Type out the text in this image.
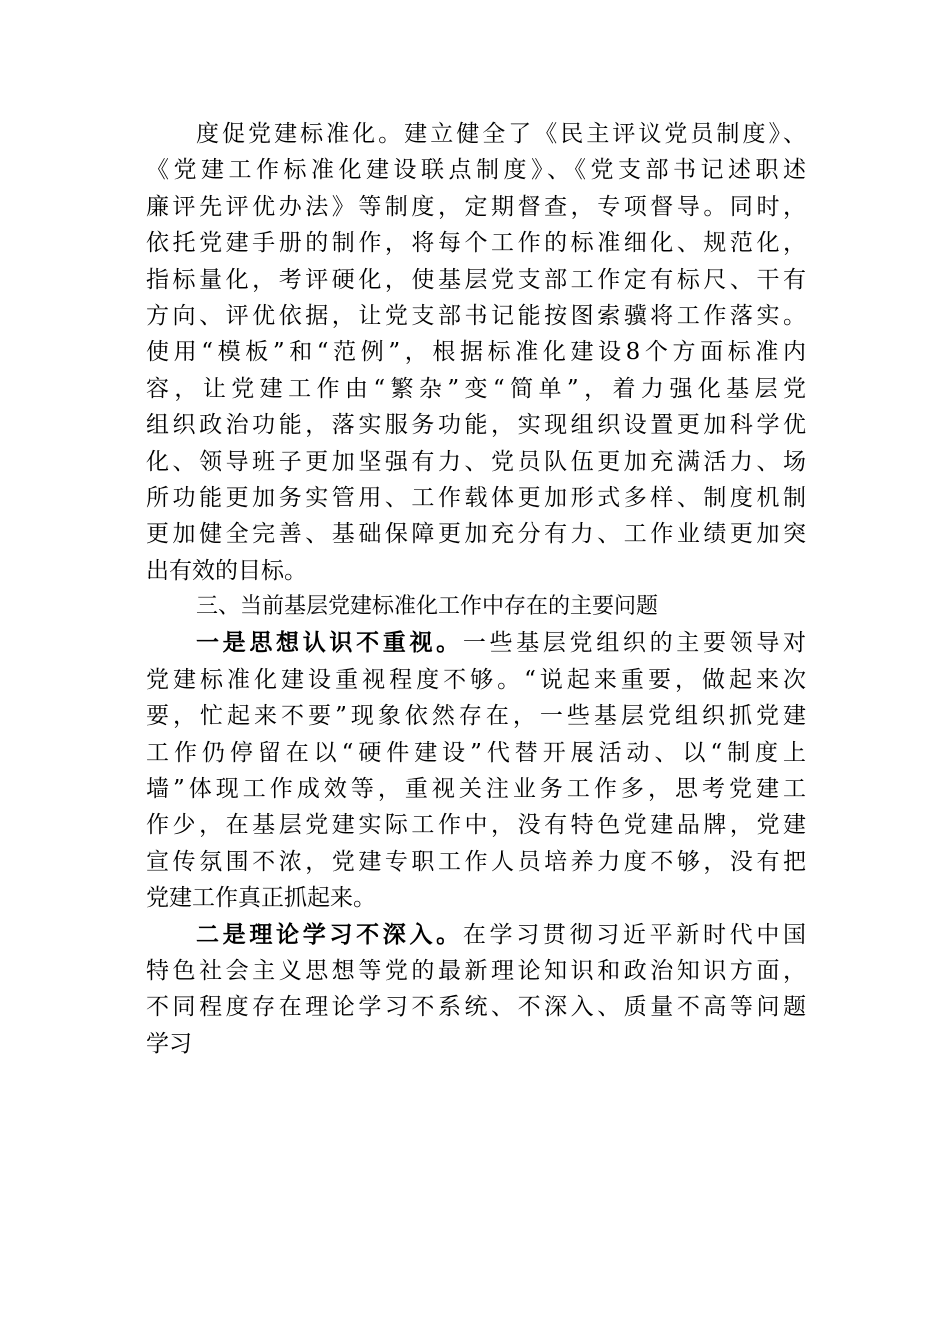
度促党建标准化。建立健全了《民主评议党员制度》、
《党建工作标准化建设联点制度》、《党支部书记述职述
廉评先评优办法》等制度，定期督查，专项督导。同时，
依托党建手册的制作，将每个工作的标准细化、规范化，
指标量化，考评硬化，使基层党支部工作定有标尺、干有
方向、评优依据，让党支部书记能按图索骥将工作落实。
使用“模板”和“范例”，根据标准化建设8个方面标准内
容，让党建工作由“繁杂”变“简单”，着力强化基层党
组织政治功能，落实服务功能，实现组织设置更加科学优
化、领导班子更加坚强有力、党员队伍更加充满活力、场
所功能更加务实管用、工作载体更加形式多样、制度机制
更加健全完善、基础保障更加充分有力、工作业绩更加突
出有效的目标。
三、当前基层党建标准化工作中存在的主要问题
一是思想认识不重视。一些基层党组织的主要领导对
党建标准化建设重视程度不够。“说起来重要，做起来次
要，忙起来不要”现象依然存在，一些基层党组织抓党建
工作仍停留在以“硬件建设”代替开展活动、以“制度上
墙”体现工作成效等，重视关注业务工作多，思考党建工
作少，在基层党建实际工作中，没有特色党建品牌，党建
宣传氛围不浓，党建专职工作人员培养力度不够，没有把
党建工作真正抓起来。
二是理论学习不深入。在学习贯彻习近平新时代中国
特色社会主义思想等党的最新理论知识和政治知识方面，
不同程度存在理论学习不系统、不深入、质量不高等问题
学习
